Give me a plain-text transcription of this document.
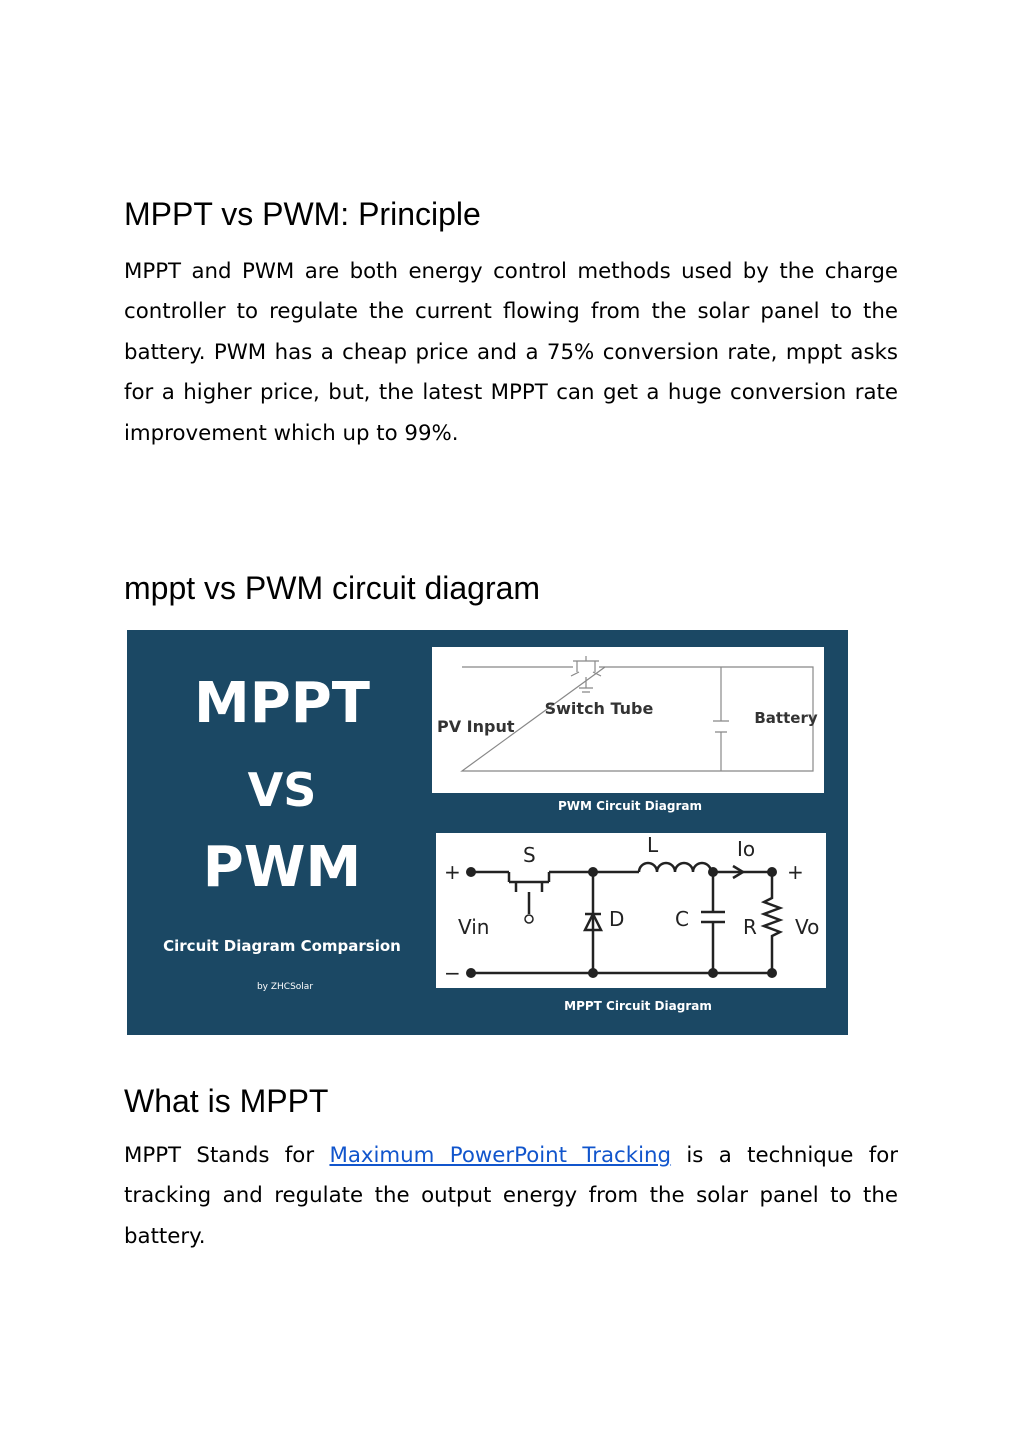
MPPT vs PWM: Principle

MPPT and PWM are both energy control methods used by the charge controller to regulate the current flowing from the solar panel to the battery. PWM has a cheap price and a 75% conversion rate, mppt asks for a higher price, but, the latest MPPT can get a huge conversion rate improvement which up to 99%.

mppt vs PWM circuit diagram
What is MPPT

MPPT Stands for Maximum PowerPoint Tracking is a technique for tracking and regulate the output energy from the solar panel to the battery.

MPPT
VS
PWM
Circuit Diagram Comparsion
by ZHCSolar
PV Input
Switch Tube	Battery
PWM Circuit Diagram
+
−
+
S	L	Io
Vin	D	C	R Vo
MPPT Circuit Diagram
